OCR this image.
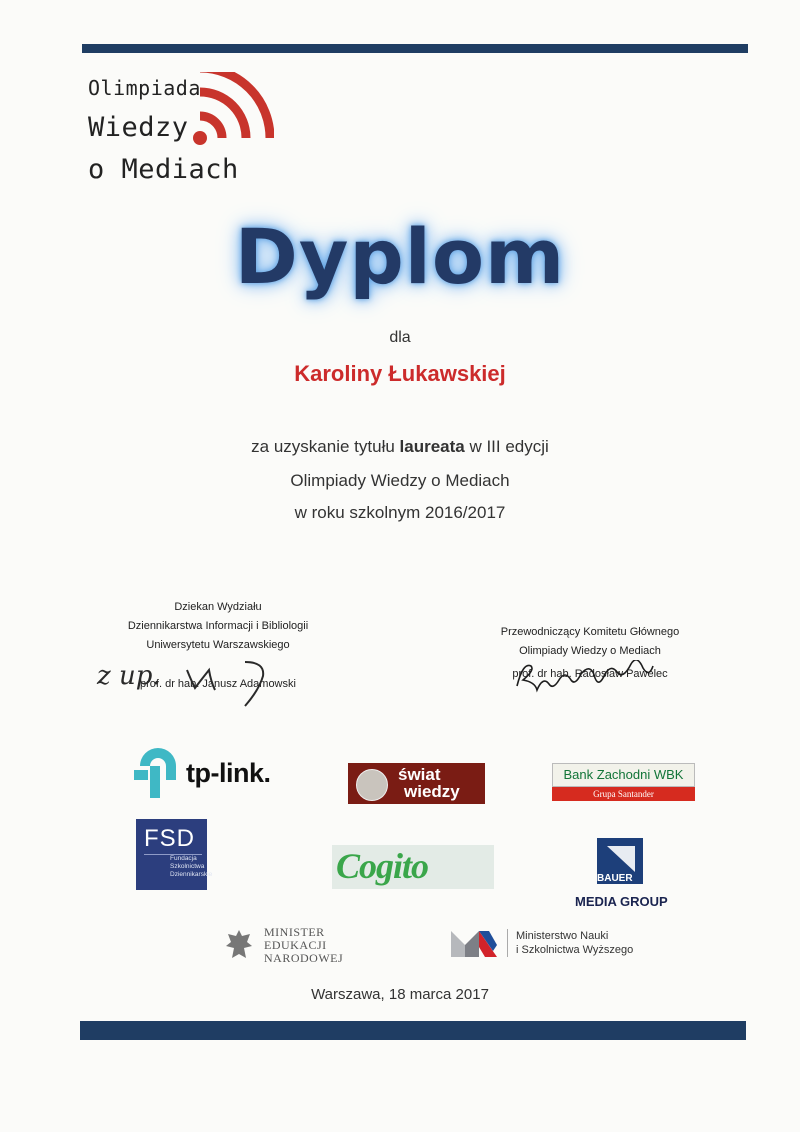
Olimpiada
Wiedzy
o Mediach
Dyplom
dla
Karoliny Łukawskiej
za uzyskanie tytułu laureata w III edycji
Olimpiady Wiedzy o Mediach
w roku szkolnym 2016/2017
Dziekan Wydziału
Dziennikarstwa Informacji i Bibliologii
Uniwersytetu Warszawskiego
prof. dr hab. Janusz Adamowski
z up.
Przewodniczący Komitetu Głównego
Olimpiady Wiedzy o Mediach
prof. dr hab. Radosław Pawelec
tp-link.	świat
wiedzy
Bank Zachodni WBK
Grupa Santander
FSD
Fundacja Szkolnictwa Dziennikarskie	Cogito	BAUER
MEDIA GROUP
MINISTER
EDUKACJI
NARODOWEJ
Ministerstwo Nauki
i Szkolnictwa Wyższego
Warszawa, 18 marca 2017
